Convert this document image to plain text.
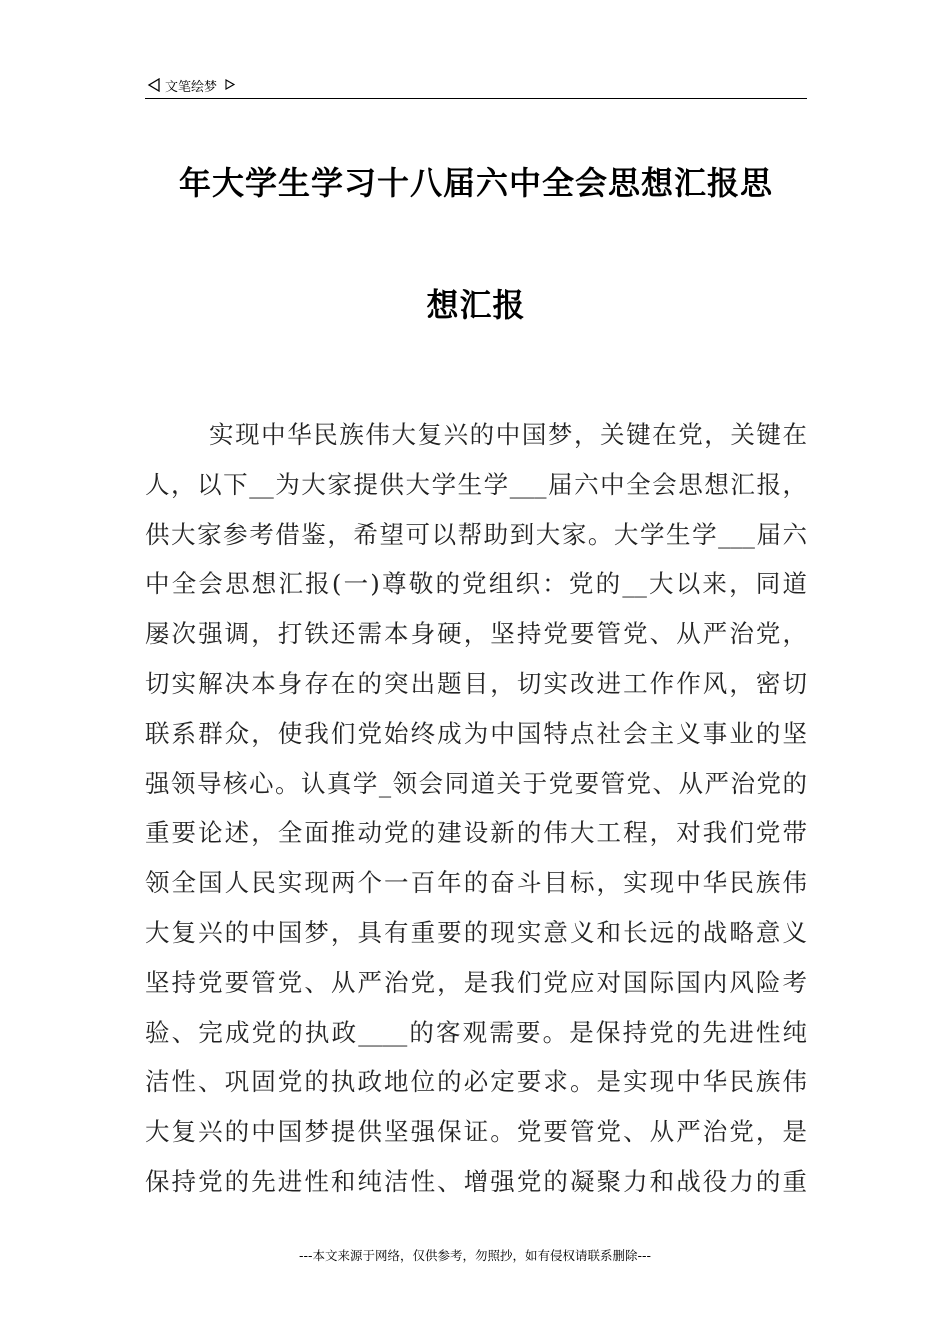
文笔绘梦
年大学生学习十八届六中全会思想汇报思
想汇报
实现中华民族伟大复兴的中国梦，关键在党，关键在
人，以下__为大家提供大学生学___届六中全会思想汇报，
供大家参考借鉴，希望可以帮助到大家。大学生学___届六
中全会思想汇报(一)尊敬的党组织：党的__大以来，同道
屡次强调，打铁还需本身硬，坚持党要管党、从严治党，
切实解决本身存在的突出题目，切实改进工作作风，密切
联系群众，使我们党始终成为中国特点社会主义事业的坚
强领导核心。认真学_领会同道关于党要管党、从严治党的
重要论述，全面推动党的建设新的伟大工程，对我们党带
领全国人民实现两个一百年的奋斗目标，实现中华民族伟
大复兴的中国梦，具有重要的现实意义和长远的战略意义
坚持党要管党、从严治党，是我们党应对国际国内风险考
验、完成党的执政____的客观需要。是保持党的先进性纯
洁性、巩固党的执政地位的必定要求。是实现中华民族伟
大复兴的中国梦提供坚强保证。党要管党、从严治党，是
保持党的先进性和纯洁性、增强党的凝聚力和战役力的重
---本文来源于网络，仅供参考，勿照抄，如有侵权请联系删除---
